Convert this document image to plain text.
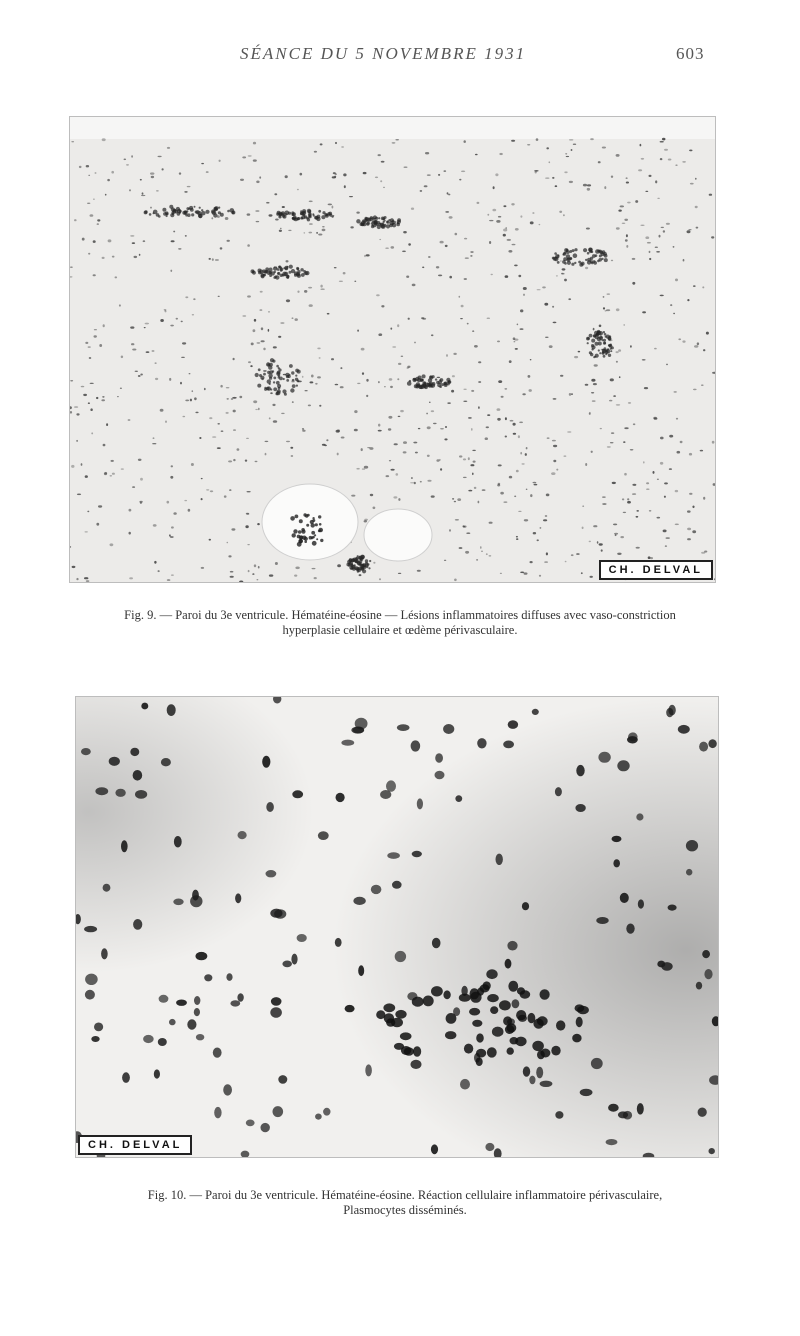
SÉANCE DU 5 NOVEMBRE 1931	603
CH. DELVAL
Fig. 9. — Paroi du 3e ventricule. Hématéine-éosine — Lésions inflammatoires diffuses avec vaso-constriction
hyperplasie cellulaire et œdème périvasculaire.
CH. DELVAL
Fig. 10. — Paroi du 3e ventricule. Hématéine-éosine. Réaction cellulaire inflammatoire périvasculaire,
Plasmocytes disséminés.
